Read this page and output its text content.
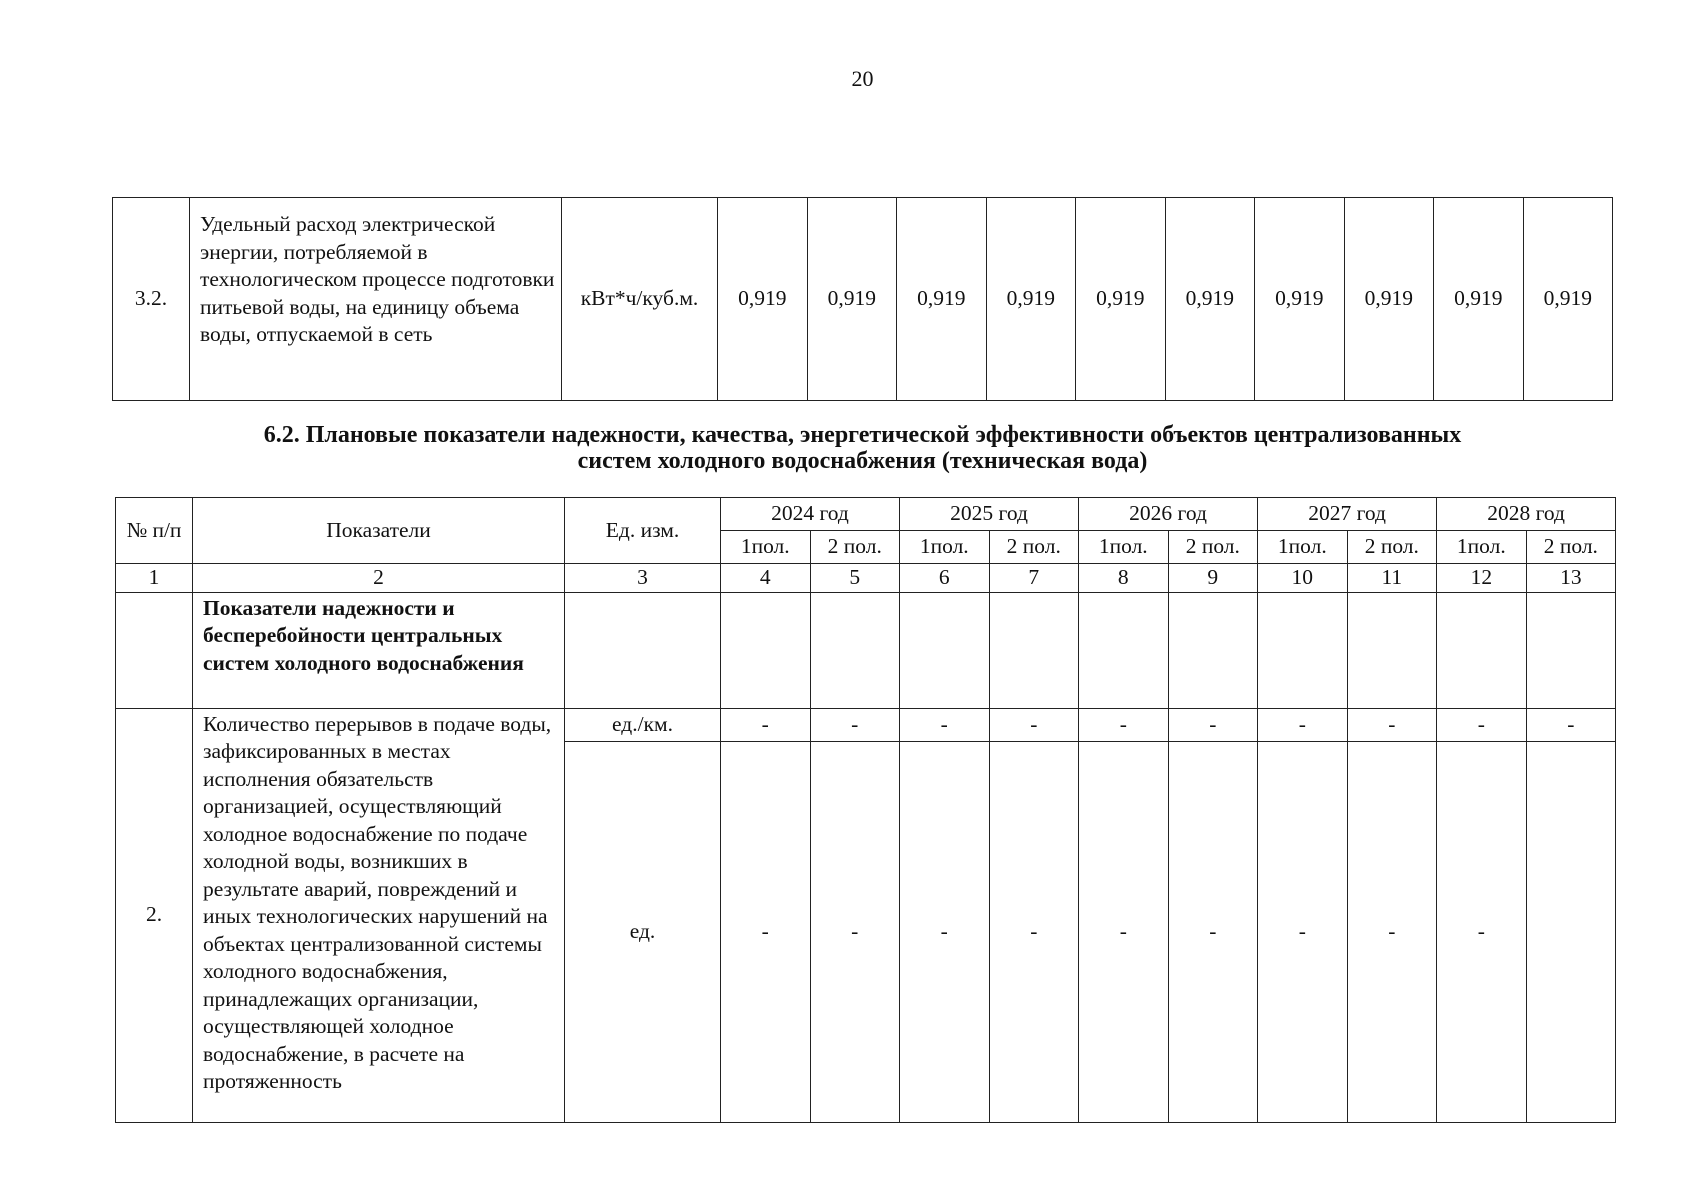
20
3.2.	Удельный расход электрической энергии, потребляемой в технологическом процессе подготовки питьевой воды, на единицу объема воды, отпускаемой в сеть	кВт*ч/куб.м.	0,919	0,919	0,919	0,919	0,919	0,919	0,919	0,919	0,919	0,919
6.2. Плановые показатели надежности, качества, энергетической эффективности объектов централизованных
систем холодного водоснабжения (техническая вода)
№ п/п	Показатели	Ед. изм.	2024 год		2025 год		2026 год		2027 год		2028 год	
			1пол.	2 пол.	1пол.	2 пол.	1пол.	2 пол.	1пол.	2 пол.	1пол.	2 пол.
1	2	3	4	5	6	7	8	9	10	11	12	13
	Показатели надежности и бесперебойности центральных систем холодного водоснабжения											
2.	Количество перерывов в подаче воды, зафиксированных в местах исполнения обязательств организацией, осуществляющий холодное водоснабжение по подаче холодной воды, возникших в результате аварий, повреждений и иных технологических нарушений на объектах централизованной системы холодного водоснабжения, принадлежащих организации, осуществляющей холодное водоснабжение, в расчете на протяженность	ед./км.	-	-	-	-	-	-	-	-	-	-
		ед.	-	-	-	-	-	-	-	-	-	
